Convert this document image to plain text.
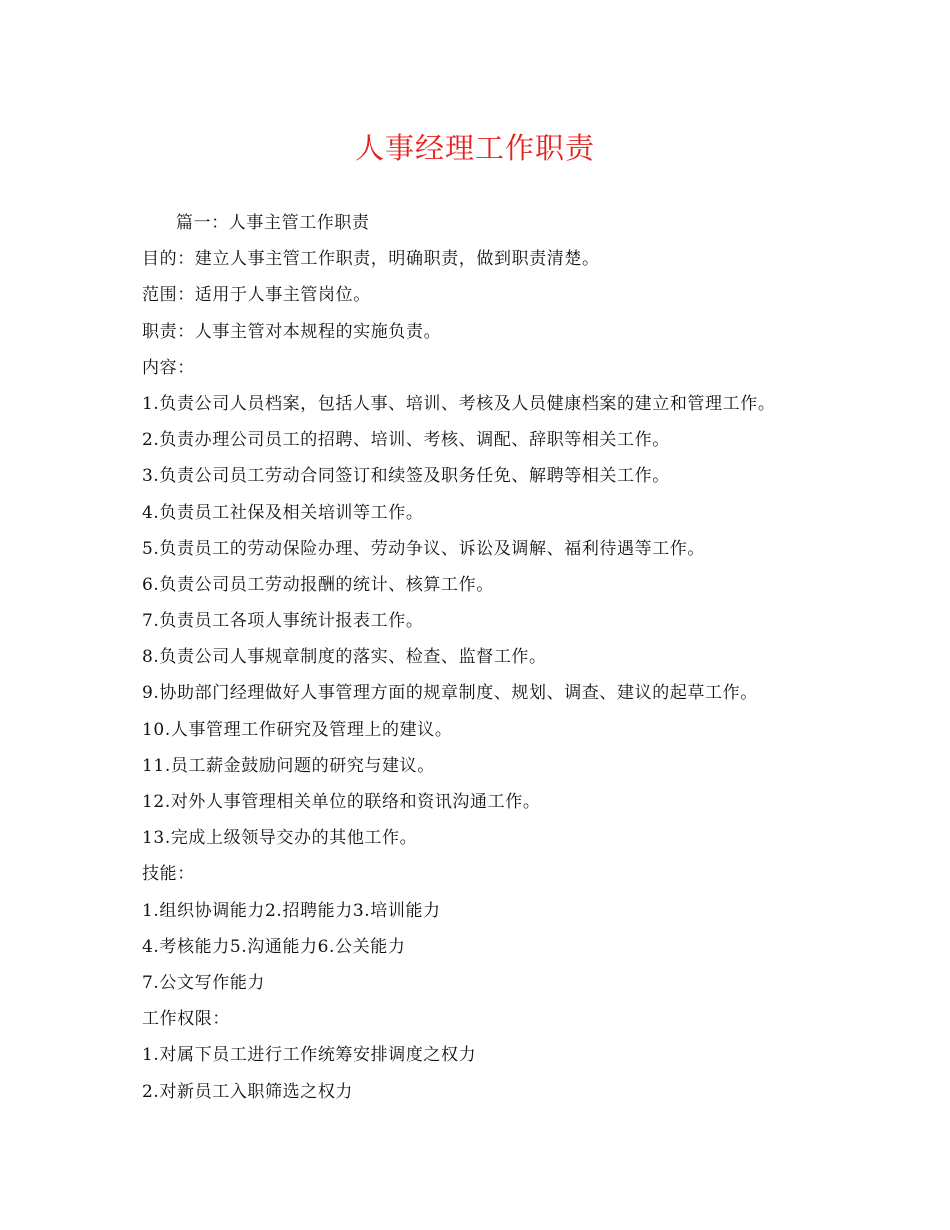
人事经理工作职责
篇一：人事主管工作职责
目的：建立人事主管工作职责，明确职责，做到职责清楚。
范围：适用于人事主管岗位。
职责：人事主管对本规程的实施负责。
内容：
1.负责公司人员档案，包括人事、培训、考核及人员健康档案的建立和管理工作。
2.负责办理公司员工的招聘、培训、考核、调配、辞职等相关工作。
3.负责公司员工劳动合同签订和续签及职务任免、解聘等相关工作。
4.负责员工社保及相关培训等工作。
5.负责员工的劳动保险办理、劳动争议、诉讼及调解、福利待遇等工作。
6.负责公司员工劳动报酬的统计、核算工作。
7.负责员工各项人事统计报表工作。
8.负责公司人事规章制度的落实、检查、监督工作。
9.协助部门经理做好人事管理方面的规章制度、规划、调查、建议的起草工作。
10.人事管理工作研究及管理上的建议。
11.员工薪金鼓励问题的研究与建议。
12.对外人事管理相关单位的联络和资讯沟通工作。
13.完成上级领导交办的其他工作。
技能：
1.组织协调能力2.招聘能力3.培训能力
4.考核能力5.沟通能力6.公关能力
7.公文写作能力
工作权限：
1.对属下员工进行工作统筹安排调度之权力
2.对新员工入职筛选之权力
